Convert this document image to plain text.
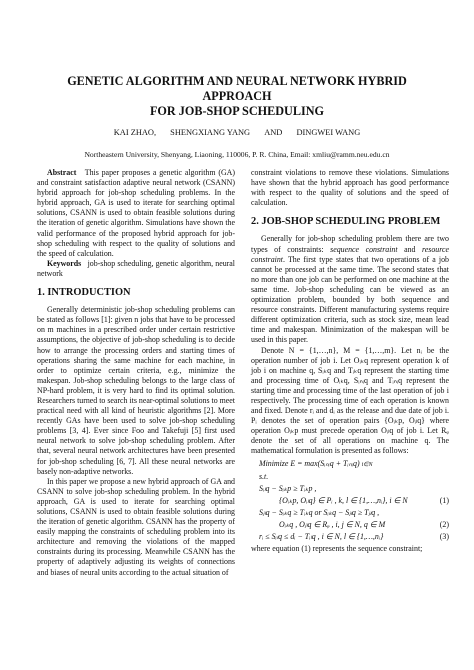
GENETIC ALGORITHM AND NEURAL NETWORK HYBRID APPROACH
FOR JOB-SHOP SCHEDULING
KAI ZHAO, SHENGXIANG YANG AND DINGWEI WANG
Northeastern University, Shenyang, Liaoning, 110006, P. R. China, Email: xmliu@ramm.neu.edu.cn

Abstract This paper proposes a genetic algorithm (GA) and constraint satisfaction adaptive neural network (CSANN) hybrid approach for job-shop scheduling problems. In the hybrid approach, GA is used to iterate for searching optimal solutions, CSANN is used to obtain feasible solutions during the iteration of genetic algorithm. Simulations have shown the valid performance of the proposed hybrid approach for job-shop scheduling with respect to the quality of solutions and the speed of calculation.

Keywords job-shop scheduling, genetic algorithm, neural network

1. INTRODUCTION

Generally deterministic job-shop scheduling problems can be stated as follows [1]: given n jobs that have to be processed on m machines in a prescribed order under certain restrictive assumptions, the objective of job-shop scheduling is to decide how to arrange the processing orders and starting times of operations sharing the same machine for each machine, in order to optimize certain criteria, e.g., minimize the makespan. Job-shop scheduling belongs to the large class of NP-hard problem, it is very hard to find its optimal solution. Researchers turned to search its near-optimal solutions to meet practical need with all kind of heuristic algorithms [2]. More recently GAs have been used to solve job-shop scheduling problems [3, 4]. Ever since Foo and Takefuji [5] first used neural network to solve job-shop scheduling problem. After that, several neural network architectures have been presented for job-shop scheduling [6, 7]. All these neural networks are basely non-adaptive networks.

In this paper we propose a new hybrid approach of GA and CSANN to solve job-shop scheduling problem. In the hybrid approach, GA is used to iterate for searching optimal solutions, CSANN is used to obtain feasible solutions during the iteration of genetic algorithm. CSANN has the property of easily mapping the constraints of scheduling problem into its architecture and removing the violations of the mapped constraints during its processing. Meanwhile CSANN has the property of adaptively adjusting its weights of connections and biases of neural units according to the actual situation of

constraint violations to remove these violations. Simulations have shown that the hybrid approach has good performance with respect to the quality of solutions and the speed of calculation.

2. JOB-SHOP SCHEDULING PROBLEM

Generally for job-shop scheduling problem there are two types of constraints: sequence constraint and resource constraint. The first type states that two operations of a job cannot be processed at the same time. The second states that no more than one job can be performed on one machine at the same time. Job-shop scheduling can be viewed as an optimization problem, bounded by both sequence and resource constraints. Different manufacturing systems require different optimization criteria, such as stock size, mean lead time and makespan. Minimization of the makespan will be used in this paper.

Denote N = {1,…,n}, M = {1,…,m}. Let nᵢ be the operation number of job i. Let Oᵢₖq represent operation k of job i on machine q, Sᵢₖq and Tᵢₖq represent the starting time and processing time of Oᵢₖq, Sᵢₙᵢq and Tᵢₙᵢq represent the starting time and processing time of the last operation of job i respectively. The processing time of each operation is known and fixed. Denote rᵢ and dᵢ as the release and due date of job i. Pᵢ denotes the set of operation pairs {Oᵢₖp, Oᵢₗq} where operation Oᵢₖp must precede operation Oᵢₗq of job i. Let Rᵩ denote the set of all operations on machine q. The mathematical formulation is presented as follows:

Minimize E = max(Sᵢₙᵢq + Tᵢₙᵢq) i∈N
s.t.
Sᵢₗq − Sᵢₖp ≥ Tᵢₖp ,
{Oᵢₖp, Oᵢₗq} ∈ Pᵢ , k, l ∈ {1,…,nᵢ}, i ∈ N	(1)
Sⱼₗq − Sᵢₖq ≥ Tᵢₖq or Sᵢₖq − Sⱼₗq ≥ Tⱼₗq ,
Oᵢₖq , Oⱼₗq ∈ Rᵩ , i, j ∈ N, q ∈ M	(2)
rᵢ ≤ Sᵢₗq ≤ dᵢ − Tᵢₗq , i ∈ N, l ∈ {1,…,nᵢ}	(3)

where equation (1) represents the sequence constraint;
